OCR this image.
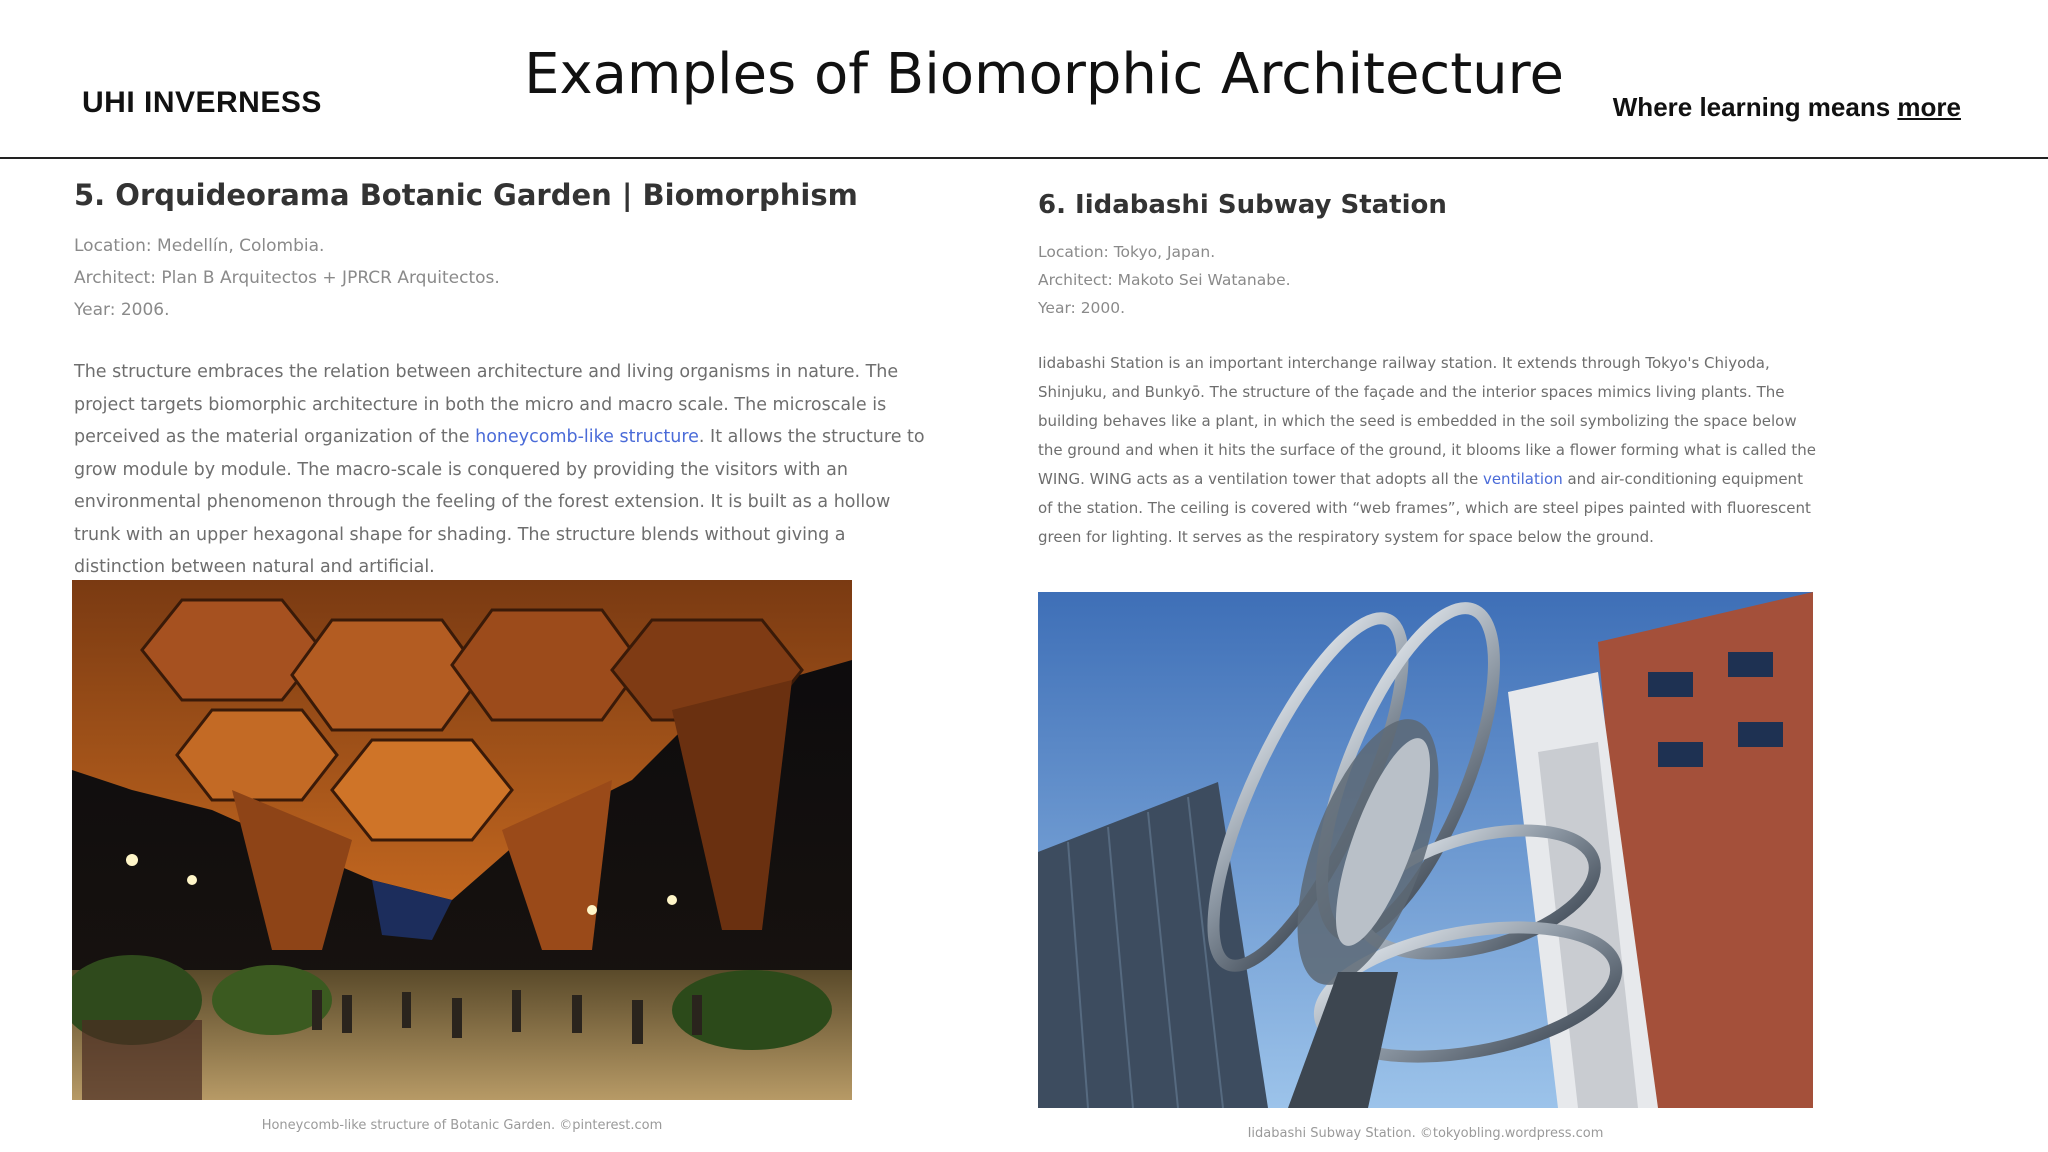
UHI INVERNESS	Examples of Biomorphic Architecture	Where learning means more
5. Orquideorama Botanic Garden | Biomorphism
Location: Medellín, Colombia.
Architect: Plan B Arquitectos + JPRCR Arquitectos.
Year: 2006.
The structure embraces the relation between architecture and living organisms in nature. The project targets biomorphic architecture in both the micro and macro scale. The microscale is perceived as the material organization of the honeycomb-like structure. It allows the structure to grow module by module. The macro-scale is conquered by providing the visitors with an environmental phenomenon through the feeling of the forest extension. It is built as a hollow trunk with an upper hexagonal shape for shading. The structure blends without giving a distinction between natural and artificial.
6. Iidabashi Subway Station
Location: Tokyo, Japan.
Architect: Makoto Sei Watanabe.
Year: 2000.
Iidabashi Station is an important interchange railway station. It extends through Tokyo's Chiyoda, Shinjuku, and Bunkyō. The structure of the façade and the interior spaces mimics living plants. The building behaves like a plant, in which the seed is embedded in the soil symbolizing the space below the ground and when it hits the surface of the ground, it blooms like a flower forming what is called the WING. WING acts as a ventilation tower that adopts all the ventilation and air-conditioning equipment of the station. The ceiling is covered with “web frames”, which are steel pipes painted with fluorescent green for lighting. It serves as the respiratory system for space below the ground.
Honeycomb-like structure of Botanic Garden. ©pinterest.com
Iidabashi Subway Station. ©tokyobling.wordpress.com
